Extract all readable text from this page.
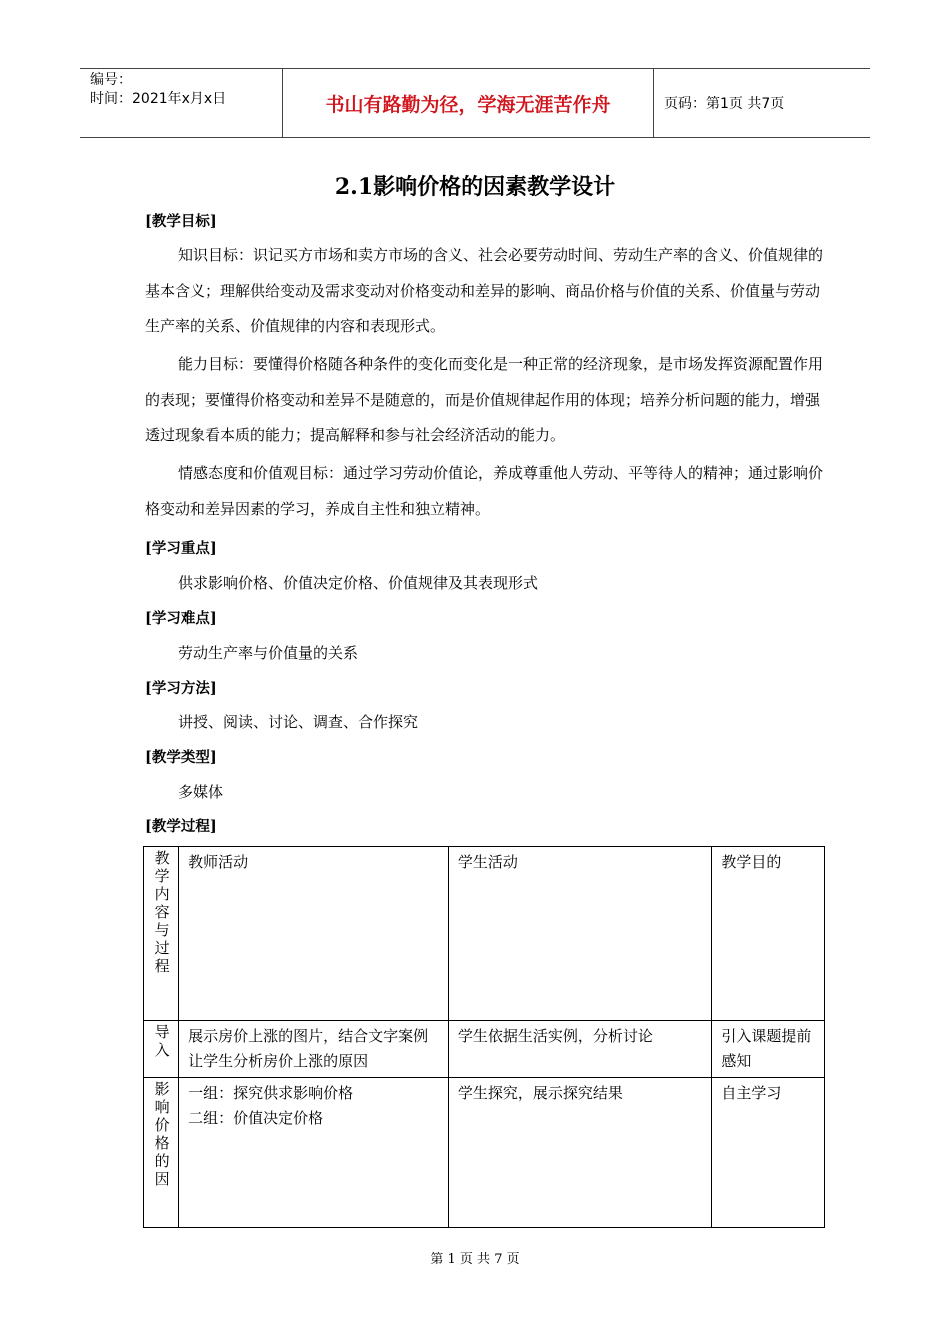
编号：
时间：2021年x月x日	书山有路勤为径，学海无涯苦作舟	页码：第1页 共7页
2.1影响价格的因素教学设计
[教学目标]
知识目标：识记买方市场和卖方市场的含义、社会必要劳动时间、劳动生产率的含义、价值规律的基本含义；理解供给变动及需求变动对价格变动和差异的影响、商品价格与价值的关系、价值量与劳动生产率的关系、价值规律的内容和表现形式。
能力目标：要懂得价格随各种条件的变化而变化是一种正常的经济现象，是市场发挥资源配置作用的表现；要懂得价格变动和差异不是随意的，而是价值规律起作用的体现；培养分析问题的能力，增强透过现象看本质的能力；提高解释和参与社会经济活动的能力。
情感态度和价值观目标：通过学习劳动价值论，养成尊重他人劳动、平等待人的精神；通过影响价格变动和差异因素的学习，养成自主性和独立精神。
[学习重点]
供求影响价格、价值决定价格、价值规律及其表现形式
[学习难点]
劳动生产率与价值量的关系
[学习方法]
讲授、阅读、讨论、调查、合作探究
[教学类型]
多媒体
[教学过程]
教学内容与过程	教师活动	学生活动	教学目的
导入	展示房价上涨的图片，结合文字案例让学生分析房价上涨的原因	学生依据生活实例，分析讨论	引入课题提前感知
影响价格的因	一组：探究供求影响价格
二组：价值决定价格	学生探究，展示探究结果	自主学习
第 1 页 共 7 页
